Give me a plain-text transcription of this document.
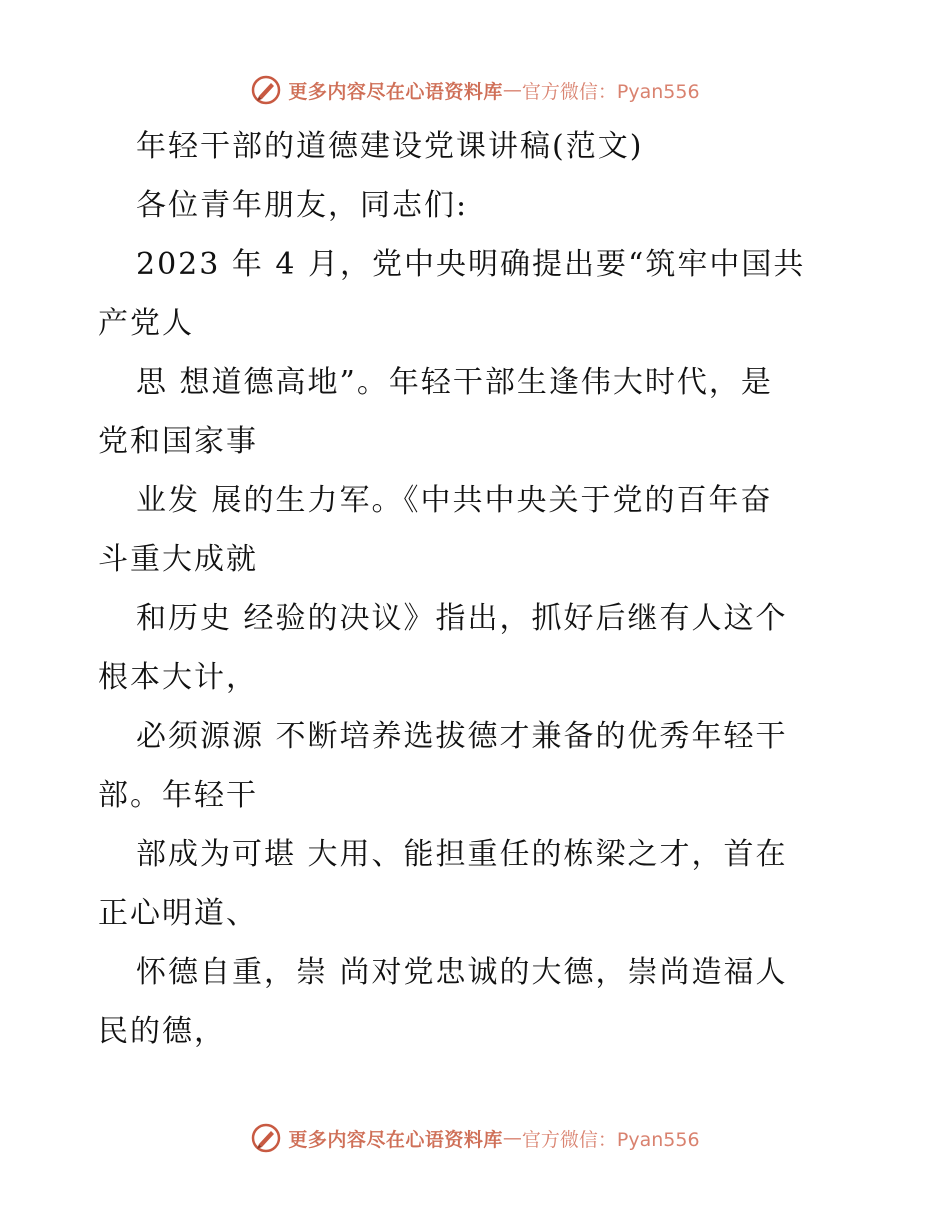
更多内容尽在心语资料库 — 官方微信：Pyan556

年轻干部的道德建设党课讲稿(范文)

各位青年朋友，同志们:

2023 年 4 月，党中央明确提出要“筑牢中国共

产党人

思 想道德高地”。年轻干部生逢伟大时代，是

党和国家事

业发 展的生力军。《中共中央关于党的百年奋

斗重大成就

和历史 经验的决议》指出，抓好后继有人这个

根本大计，

必须源源 不断培养选拔德才兼备的优秀年轻干

部。年轻干

部成为可堪 大用、能担重任的栋梁之才，首在

正心明道、

怀德自重，崇 尚对党忠诚的大德，崇尚造福人

民的德，

更多内容尽在心语资料库 — 官方微信：Pyan556
